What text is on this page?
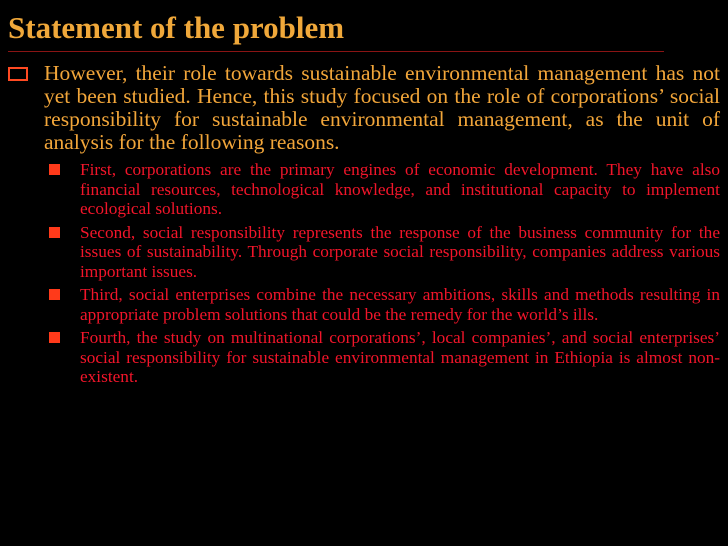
Statement of the problem
However, their role towards sustainable environmental management has not yet been studied. Hence, this study focused on the role of corporations’ social responsibility for sustainable environmental management, as the unit of analysis for the following reasons.
First, corporations are the primary engines of economic development. They have also financial resources, technological knowledge, and institutional capacity to implement ecological solutions.
Second, social responsibility represents the response of the business community for the issues of sustainability. Through corporate social responsibility, companies address various important issues.
Third, social enterprises combine the necessary ambitions, skills and methods resulting in appropriate problem solutions that could be the remedy for the world’s ills.
Fourth, the study on multinational corporations’, local companies’, and social enterprises’ social responsibility for sustainable environmental management in Ethiopia is almost non-existent.
